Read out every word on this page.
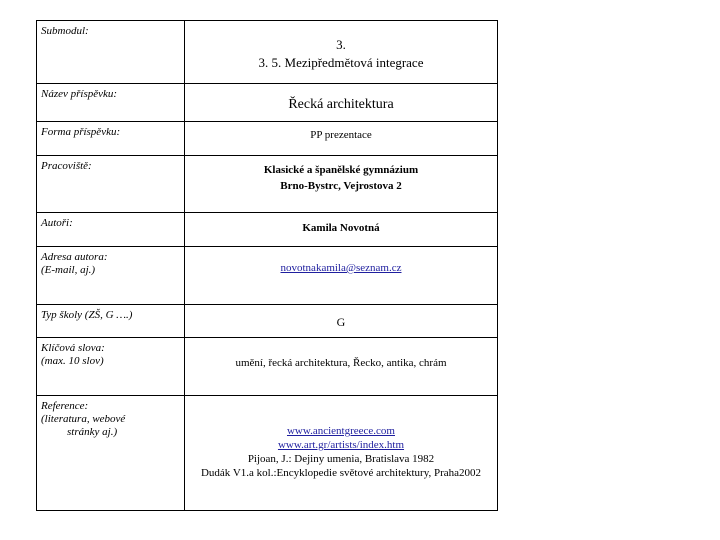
Submodul:	3.
3. 5. Mezipředmětová integrace

Název příspěvku:	Řecká architektura

Forma příspěvku:	PP prezentace

Pracoviště:	Klasické a španělské gymnázium
Brno-Bystrc, Vejrostova 2

Autoři:	Kamila Novotná

Adresa autora:
(E-mail, aj.)	novotnakamila@seznam.cz

Typ školy (ZŠ, G ….)	G

Klíčová slova:
(max. 10 slov)	umění, řecká architektura, Řecko, antika, chrám

Reference:
(literatura, webové
stránky aj.)	www.ancientgreece.com
www.art.gr/artists/index.htm
Pijoan, J.: Dejiny umenia, Bratislava 1982
Dudák V1.a kol.:Encyklopedie světové architektury, Praha2002
